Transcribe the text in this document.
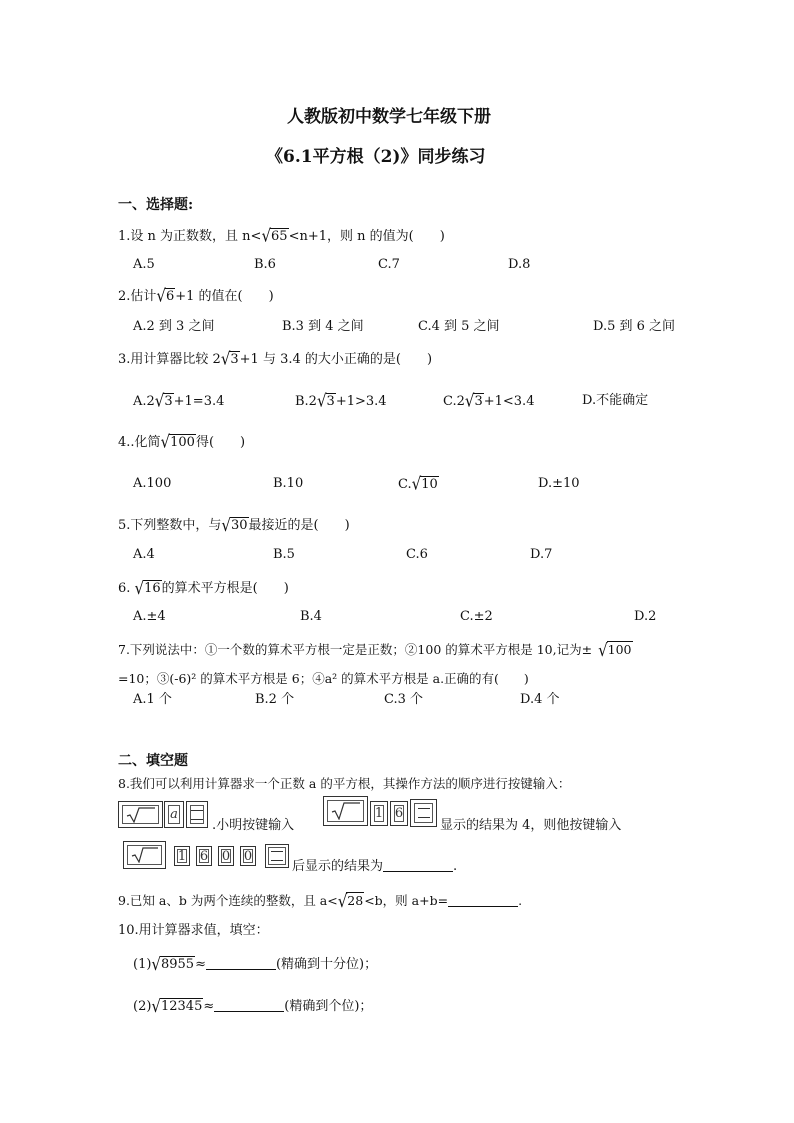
人教版初中数学七年级下册
《6.1平方根（2)》同步练习
一、选择题:
1.设 n 为正数数，且 n<√65<n+1，则 n 的值为(　　)
A.5	B.6	C.7	D.8
2.估计√6+1 的值在(　　)
A.2 到 3 之间	B.3 到 4 之间	C.4 到 5 之间	D.5 到 6 之间
3.用计算器比较 2√3+1 与 3.4 的大小正确的是(　　)
A.2√3+1=3.4	B.2√3+1>3.4	C.2√3+1<3.4	D.不能确定
4..化简√100得(　　)
A.100	B.10	C.√10	D.±10
5.下列整数中，与√30最接近的是(　　)
A.4	B.5	C.6	D.7
6. √16的算术平方根是(　　)
A.±4	B.4	C.±2	D.2
7.下列说法中：①一个数的算术平方根一定是正数；②100 的算术平方根是 10,记为± √100
=10；③(-6)² 的算术平方根是 6；④a² 的算术平方根是 a.正确的有(　　)
A.1 个	B.2 个	C.3 个	D.4 个
二、填空题
8.我们可以利用计算器求一个正数 a 的平方根，其操作方法的顺序进行按键输入：
a
.小明按键输入
1 6
显示的结果为 4，则他按键输入
1 6 0 0
后显示的结果为	.
9.已知 a、b 为两个连续的整数，且 a<√28<b，则 a+b=	.
10.用计算器求值，填空：
(1)√8955≈	(精确到十分位)；
(2)√12345≈	(精确到个位)；
